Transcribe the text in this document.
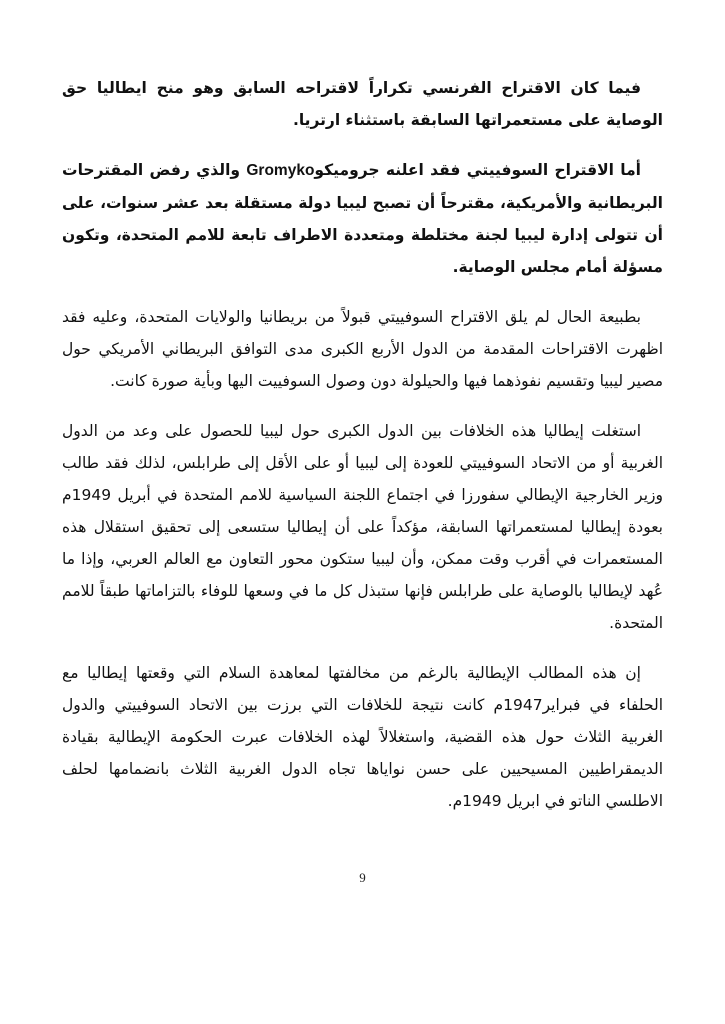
فيما كان الاقتراح الفرنسي تكراراً لاقتراحه السابق وهو منح ايطاليا حق الوصاية على مستعمراتها السابقة باستثناء ارتريا.

أما الاقتراح السوفييتي فقد اعلنه جروميكوGromyko والذي رفض المقترحات البريطانية والأمريكية، مقترحاً أن تصبح ليبيا دولة مستقلة بعد عشر سنوات، على أن تتولى إدارة ليبيا لجنة مختلطة ومتعددة الاطراف تابعة للامم المتحدة، وتكون مسؤلة أمام مجلس الوصاية.

بطبيعة الحال لم يلق الاقتراح السوفييتي قبولاً من بريطانيا والولايات المتحدة، وعليه فقد اظهرت الاقتراحات المقدمة من الدول الأربع الكبرى مدى التوافق البريطاني الأمريكي حول مصير ليبيا وتقسيم نفوذهما فيها والحيلولة دون وصول السوفييت اليها وبأية صورة كانت.

استغلت إيطاليا هذه الخلافات بين الدول الكبرى حول ليبيا للحصول على وعد من الدول الغربية أو من الاتحاد السوفييتي للعودة إلى ليبيا أو على الأقل إلى طرابلس، لذلك فقد طالب وزير الخارجية الإيطالي سفورزا في اجتماع اللجنة السياسية للامم المتحدة في أبريل 1949م بعودة إيطاليا لمستعمراتها السابقة، مؤكداً على أن إيطاليا ستسعى إلى تحقيق استقلال هذه المستعمرات في أقرب وقت ممكن، وأن ليبيا ستكون محور التعاون مع العالم العربي، وإذا ما عُهد لإيطاليا بالوصاية على طرابلس فإنها ستبذل كل ما في وسعها للوفاء بالتزاماتها طبقاً للامم المتحدة.

إن هذه المطالب الإيطالية بالرغم من مخالفتها لمعاهدة السلام التي وقعتها إيطاليا مع الحلفاء في فبراير1947م كانت نتيجة للخلافات التي برزت بين الاتحاد السوفييتي والدول الغربية الثلاث حول هذه القضية، واستغلالاً لهذه الخلافات عبرت الحكومة الإيطالية بقيادة الديمقراطيين المسيحيين على حسن نواياها تجاه الدول الغربية الثلاث بانضمامها لحلف الاطلسي الناتو في ابريل 1949م.

9
